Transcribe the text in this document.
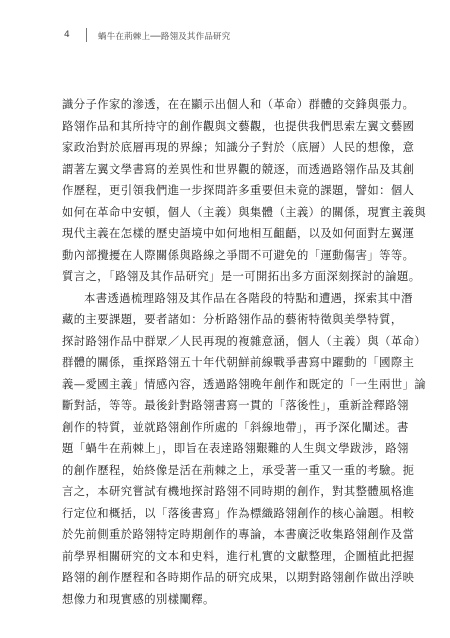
4	蝸牛在荊棘上──路翎及其作品研究
識分子作家的滲透，在在顯示出個人和（革命）群體的交鋒與張力。
路翎作品和其所持守的創作觀與文藝觀，也提供我們思索左翼文藝國
家政治對於底層再現的界線；知識分子對於（底層）人民的想像，意
謂著左翼文學書寫的差異性和世界觀的競逐，而透過路翎作品及其創
作歷程，更引領我們進一步探問許多重要但未竟的課題，譬如：個人
如何在革命中安頓，個人（主義）與集體（主義）的關係，現實主義與
現代主義在怎樣的歷史語境中如何地相互齟齬，以及如何面對左翼運
動內部攪擾在人際關係與路線之爭間不可避免的「運動傷害」等等。
質言之，「路翎及其作品研究」是一可開拓出多方面深刻探討的論題。
本書透過梳理路翎及其作品在各階段的特點和遭遇，探索其中潛
藏的主要課題，要者諸如：分析路翎作品的藝術特徵與美學特質，
探討路翎作品中群眾／人民再現的複雜意涵，個人（主義）與（革命）
群體的關係，重探路翎五十年代朝鮮前線戰爭書寫中躍動的「國際主
義—愛國主義」情感內容，透過路翎晚年創作和既定的「一生兩世」論
斷對話，等等。最後針對路翎書寫一貫的「落後性」，重新詮釋路翎
創作的特質，並就路翎創作所處的「斜線地帶」，再予深化闡述。書
題「蝸牛在荊棘上」，即旨在表達路翎艱難的人生與文學跋涉，路翎
的創作歷程，始終像是活在荊棘之上，承受著一重又一重的考驗。扼
言之，本研究嘗試有機地探討路翎不同時期的創作，對其整體風格進
行定位和概括，以「落後書寫」作為標織路翎創作的核心論題。相較
於先前側重於路翎特定時期創作的專論，本書廣泛收集路翎創作及當
前學界相關研究的文本和史料，進行札實的文獻整理，企圖植此把握
路翎的創作歷程和各時期作品的研究成果，以期對路翎創作做出浮映
想像力和現實感的別樣闡釋。
